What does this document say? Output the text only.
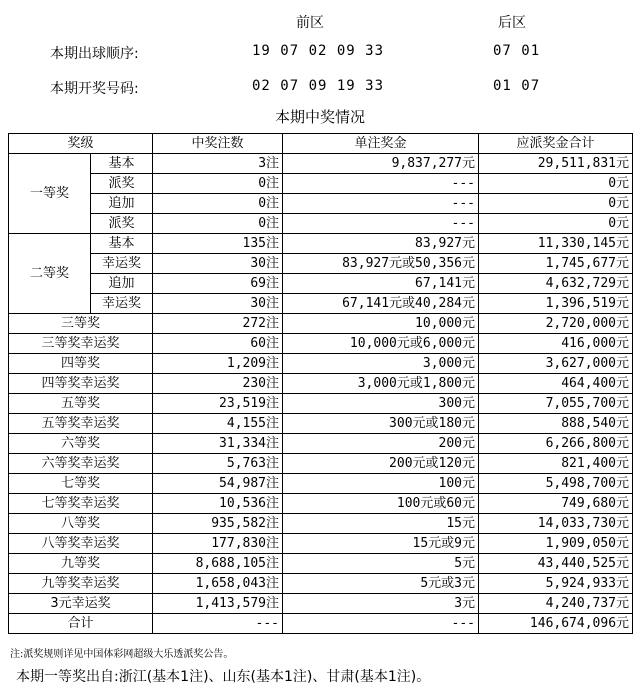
前区	后区
本期出球顺序:	19 07 02 09 33	07 01
本期开奖号码:	02 07 09 19 33	01 07
本期中奖情况
奖级		中奖注数	单注奖金	应派奖金合计
一等奖	基本	3注	9,837,277元	29,511,831元
	派奖	0注	---	0元
	追加	0注	---	0元
	派奖	0注	---	0元
二等奖	基本	135注	83,927元	11,330,145元
	幸运奖	30注	83,927元或50,356元	1,745,677元
	追加	69注	67,141元	4,632,729元
	幸运奖	30注	67,141元或40,284元	1,396,519元
三等奖		272注	10,000元	2,720,000元
三等奖幸运奖		60注	10,000元或6,000元	416,000元
四等奖		1,209注	3,000元	3,627,000元
四等奖幸运奖		230注	3,000元或1,800元	464,400元
五等奖		23,519注	300元	7,055,700元
五等奖幸运奖		4,155注	300元或180元	888,540元
六等奖		31,334注	200元	6,266,800元
六等奖幸运奖		5,763注	200元或120元	821,400元
七等奖		54,987注	100元	5,498,700元
七等奖幸运奖		10,536注	100元或60元	749,680元
八等奖		935,582注	15元	14,033,730元
八等奖幸运奖		177,830注	15元或9元	1,909,050元
九等奖		8,688,105注	5元	43,440,525元
九等奖幸运奖		1,658,043注	5元或3元	5,924,933元
3元幸运奖		1,413,579注	3元	4,240,737元
合计		---	---	146,674,096元
注:派奖规则详见中国体彩网超级大乐透派奖公告。
本期一等奖出自:浙江(基本1注)、山东(基本1注)、甘肃(基本1注)。
